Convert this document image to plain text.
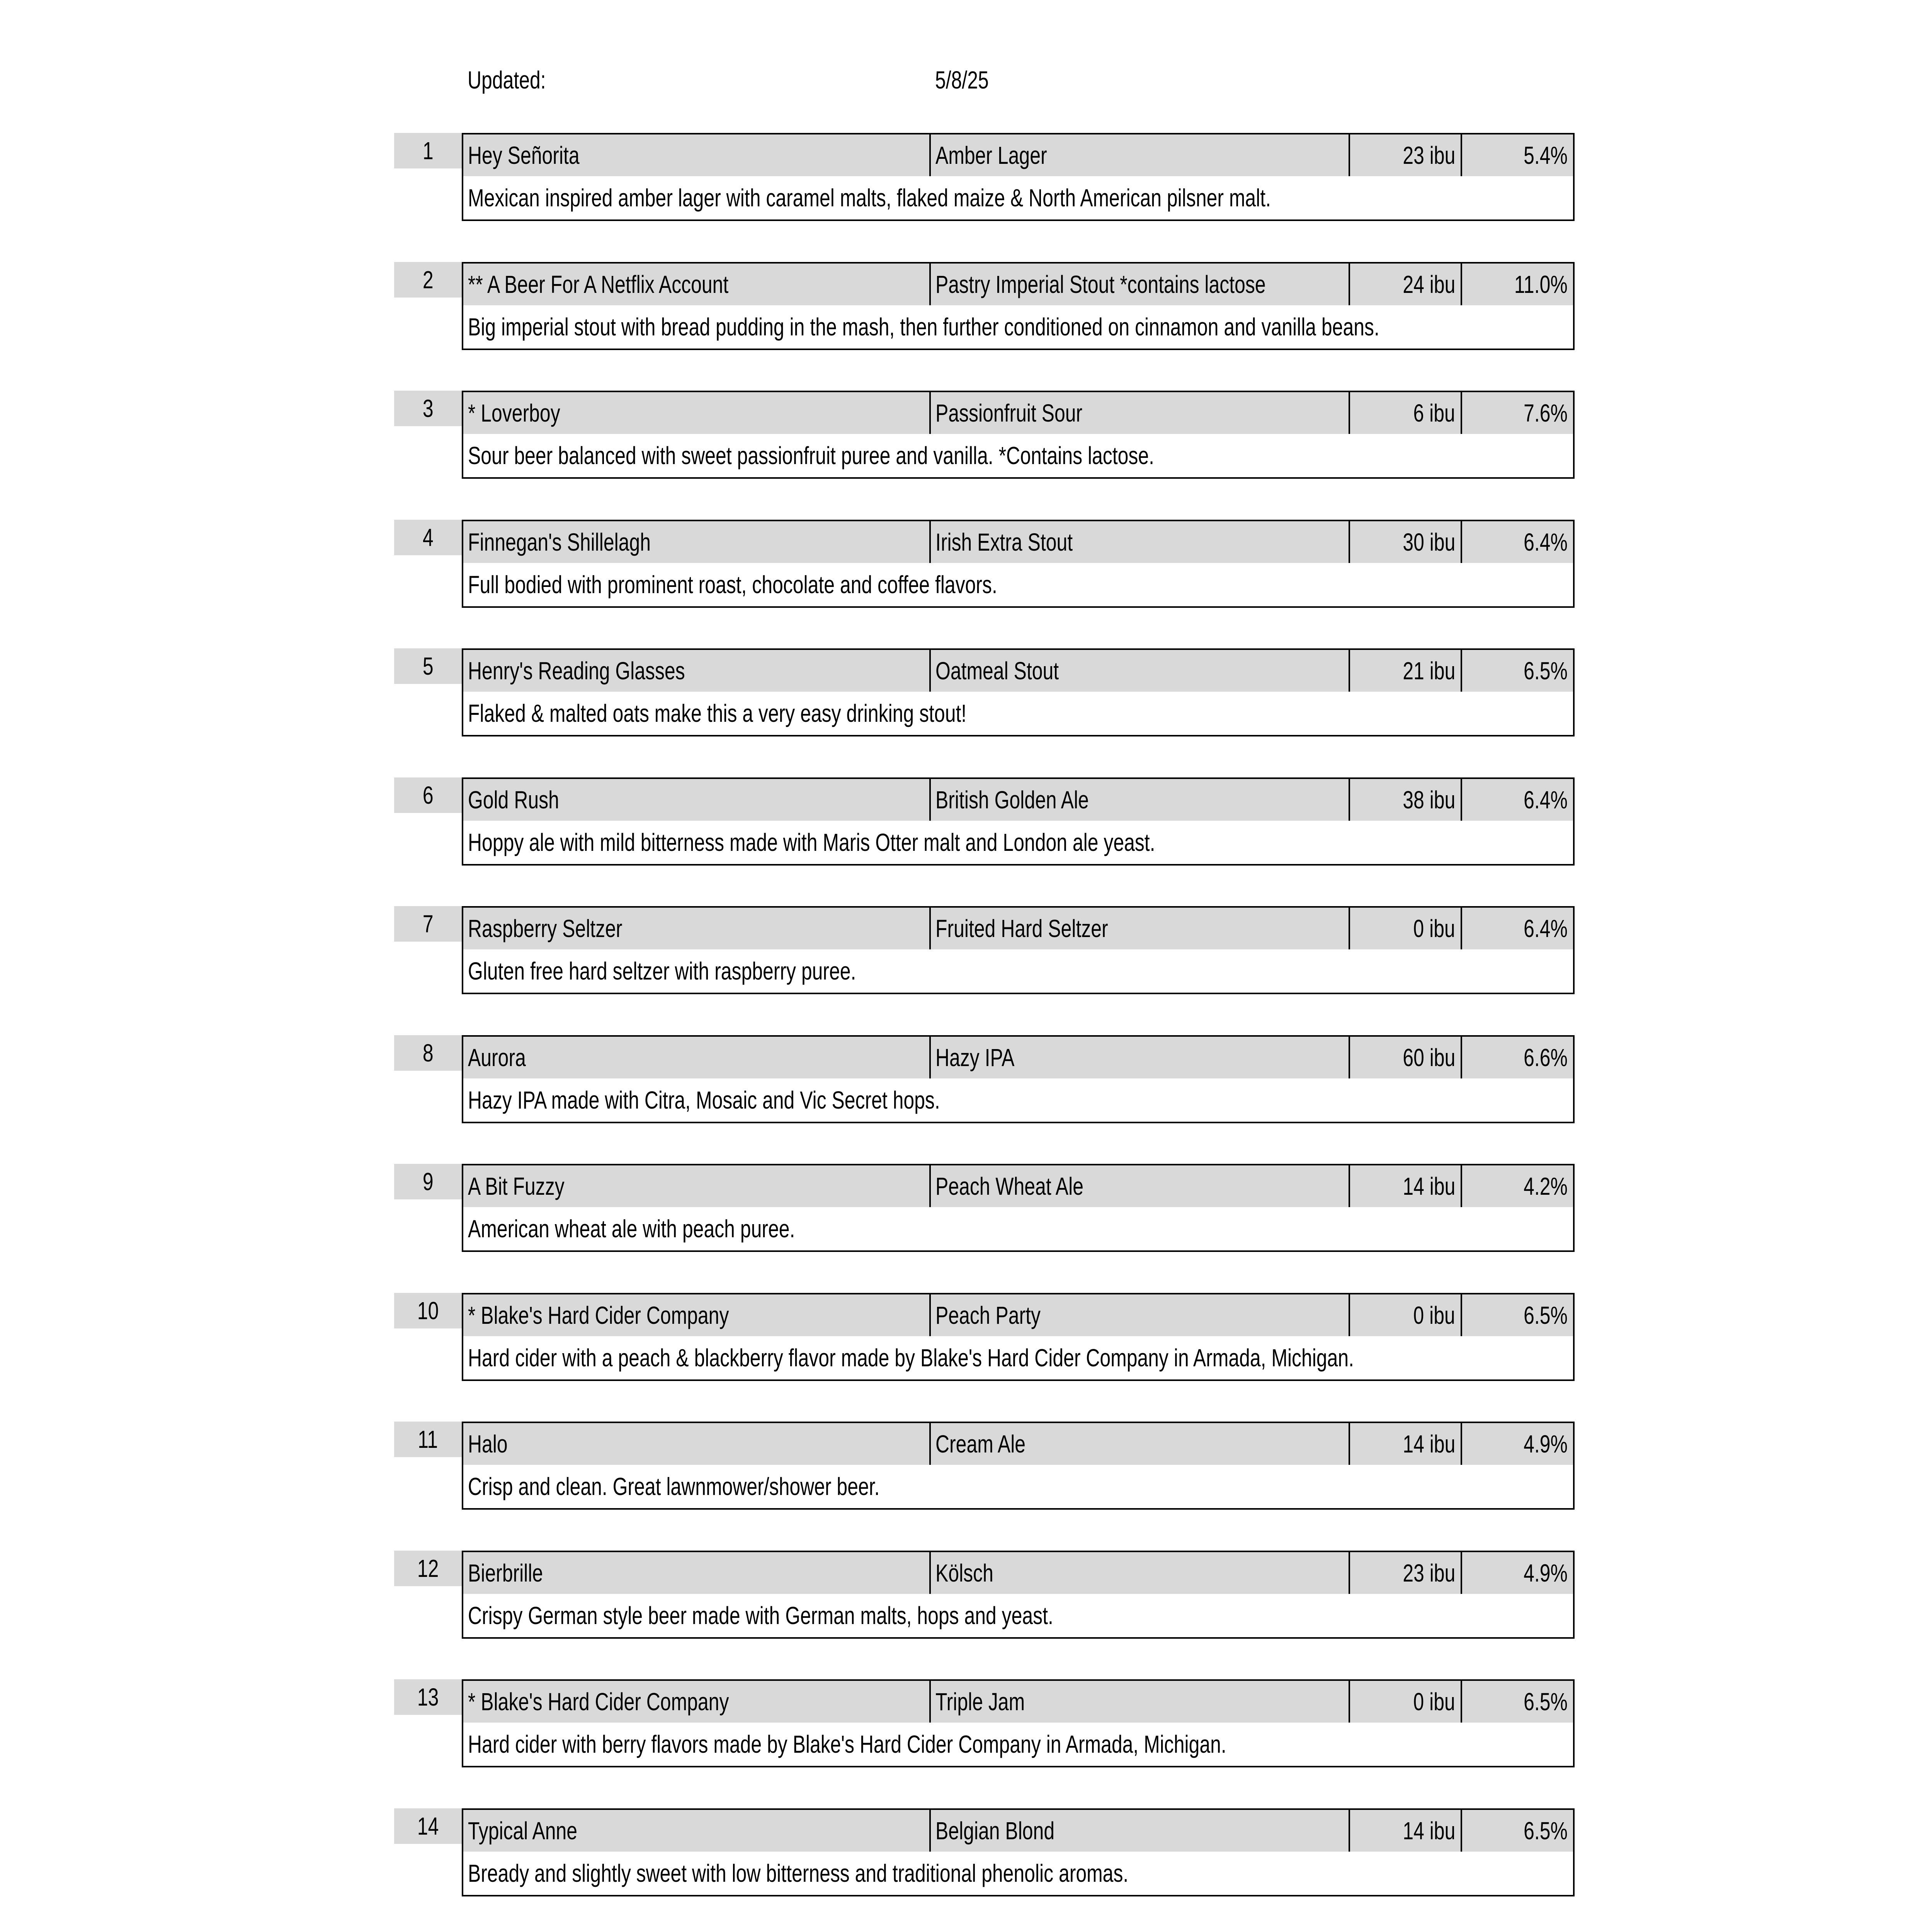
Updated:	5/8/25
1	Hey Señorita	Amber Lager	23 ibu	5.4%
Mexican inspired amber lager with caramel malts, flaked maize & North American pilsner malt.
2	** A Beer For A Netflix Account	Pastry Imperial Stout *contains lactose	24 ibu 11.0%
Big imperial stout with bread pudding in the mash, then further conditioned on cinnamon and vanilla beans.
3	* Loverboy	Passionfruit Sour	6 ibu	7.6%
Sour beer balanced with sweet passionfruit puree and vanilla. *Contains lactose.
4	Finnegan's Shillelagh	Irish Extra Stout	30 ibu	6.4%
Full bodied with prominent roast, chocolate and coffee flavors.
5	Henry's Reading Glasses	Oatmeal Stout	21 ibu	6.5%
Flaked & malted oats make this a very easy drinking stout!
6	Gold Rush	British Golden Ale	38 ibu	6.4%
Hoppy ale with mild bitterness made with Maris Otter malt and London ale yeast.
7	Raspberry Seltzer	Fruited Hard Seltzer	0 ibu	6.4%
Gluten free hard seltzer with raspberry puree.
8	Aurora	Hazy IPA	60 ibu	6.6%
Hazy IPA made with Citra, Mosaic and Vic Secret hops.
9	A Bit Fuzzy	Peach Wheat Ale	14 ibu	4.2%
American wheat ale with peach puree.
10	* Blake's Hard Cider Company	Peach Party	0 ibu	6.5%
Hard cider with a peach & blackberry flavor made by Blake's Hard Cider Company in Armada, Michigan.
11	Halo	Cream Ale	14 ibu	4.9%
Crisp and clean. Great lawnmower/shower beer.
12	Bierbrille	Kölsch	23 ibu	4.9%
Crispy German style beer made with German malts, hops and yeast.
13	* Blake's Hard Cider Company	Triple Jam	0 ibu	6.5%
Hard cider with berry flavors made by Blake's Hard Cider Company in Armada, Michigan.
14	Typical Anne	Belgian Blond	14 ibu	6.5%
Bready and slightly sweet with low bitterness and traditional phenolic aromas.
